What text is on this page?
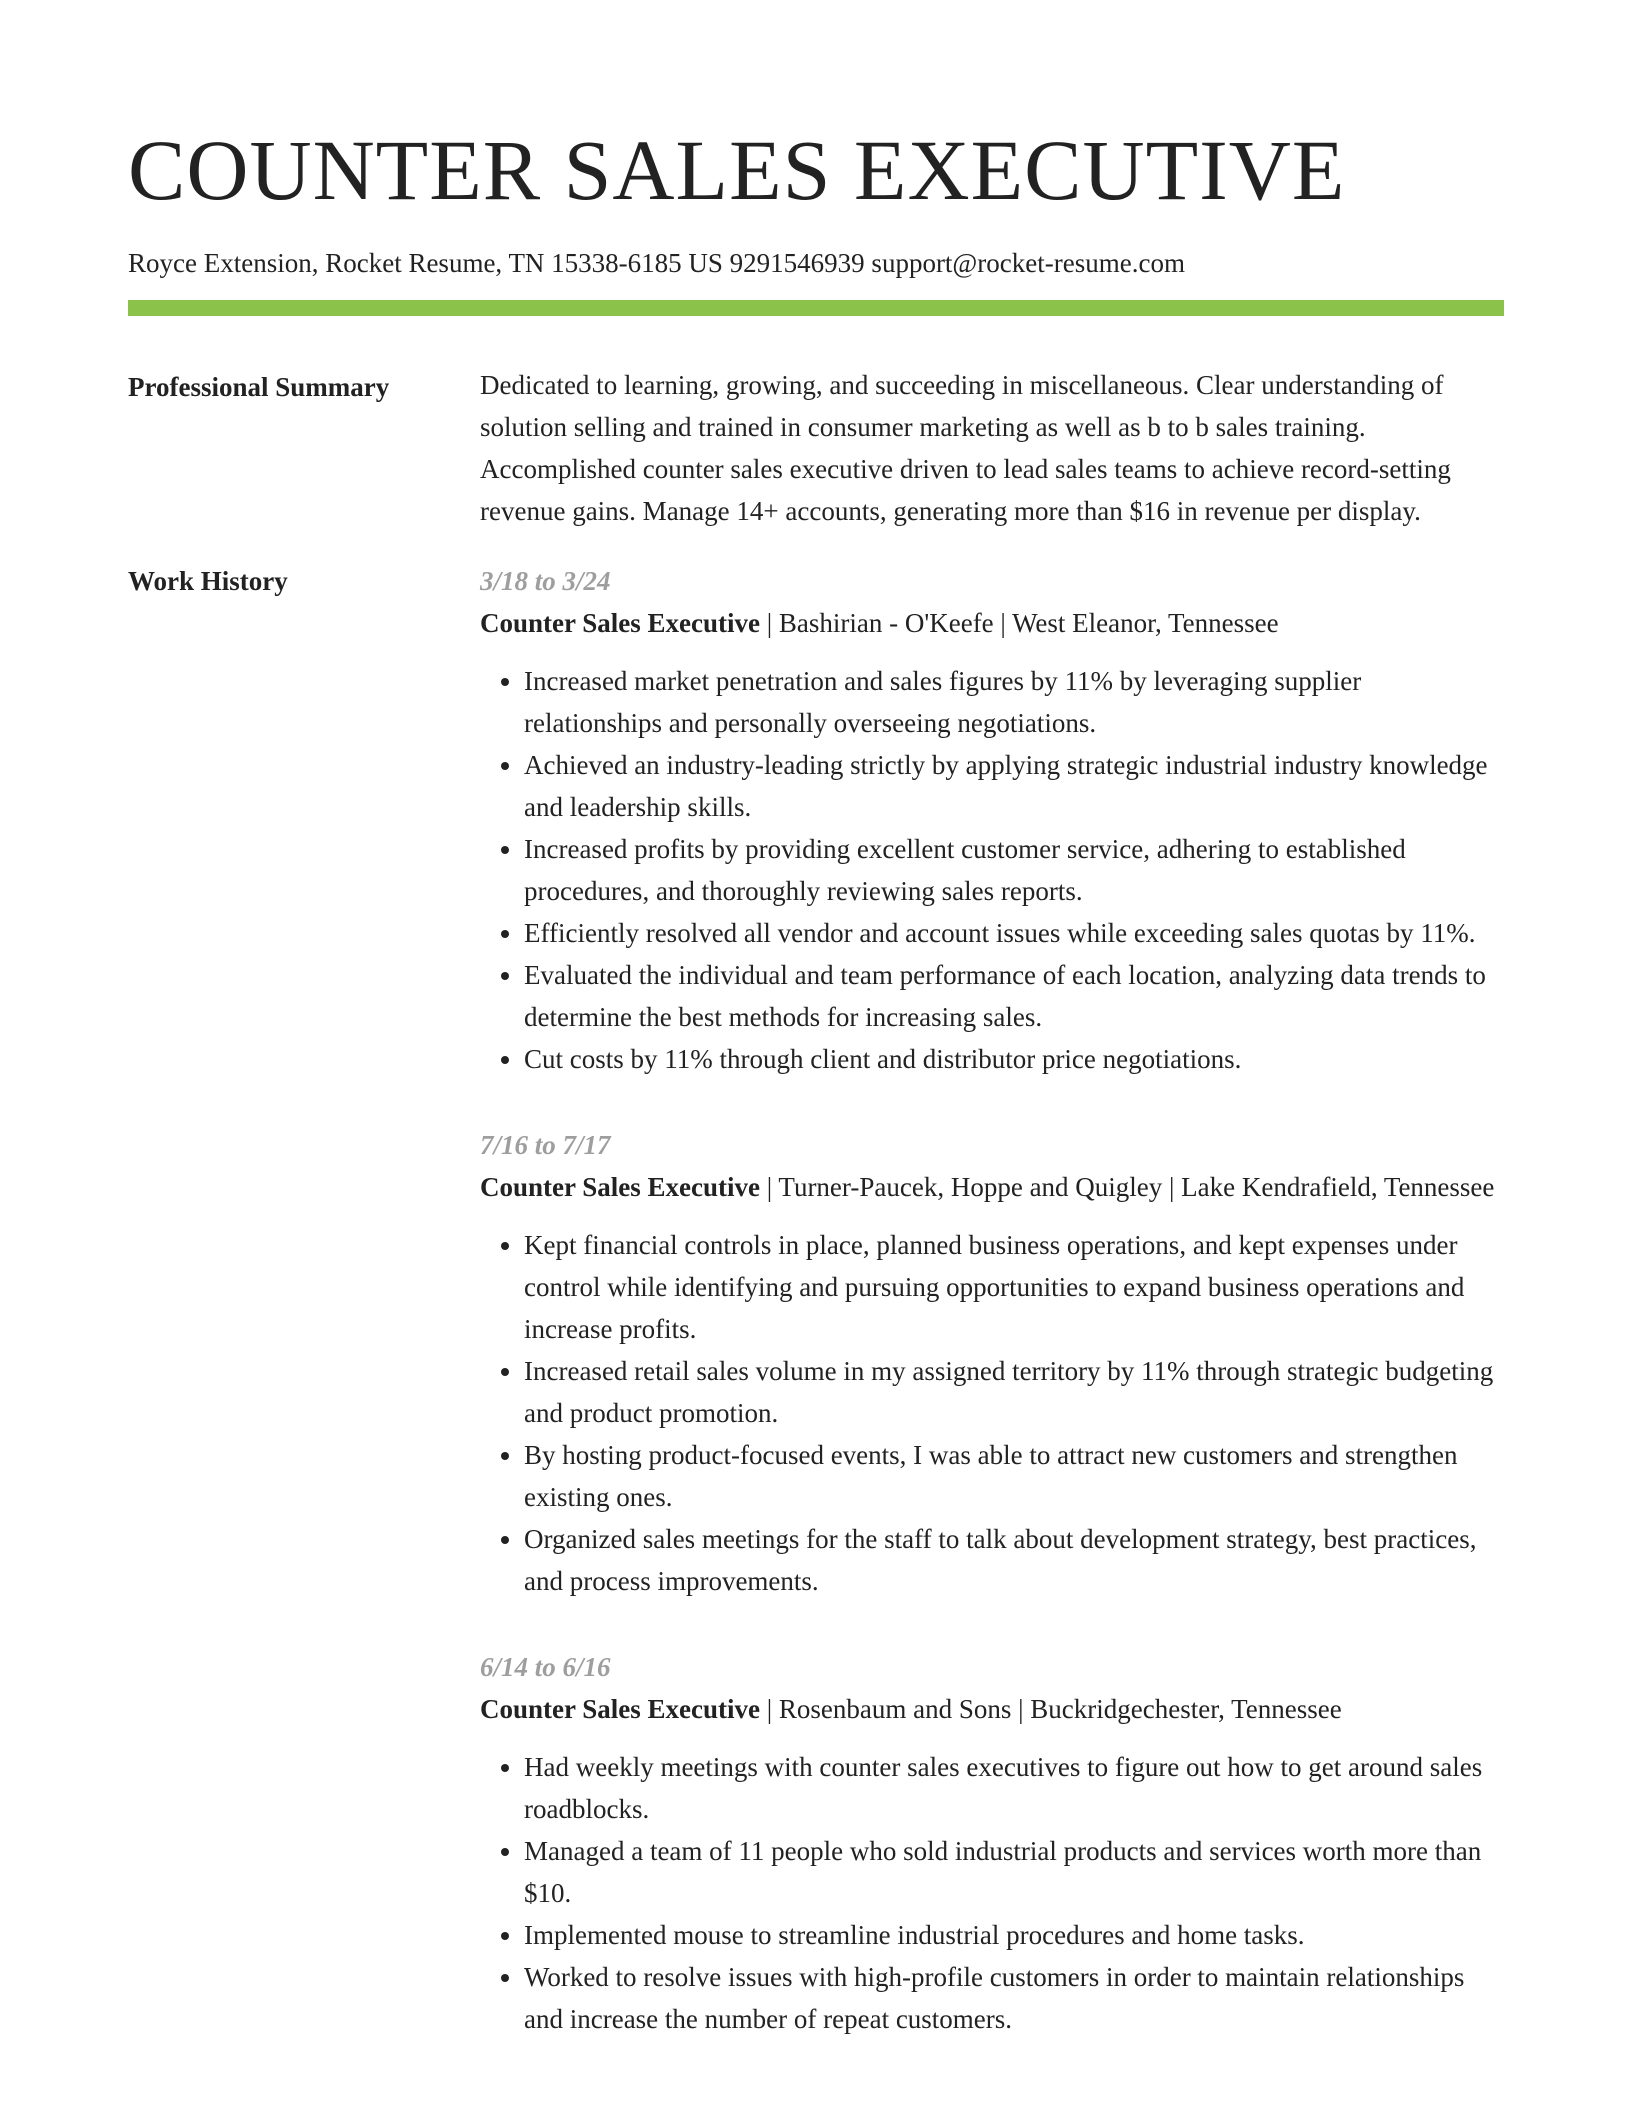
COUNTER SALES EXECUTIVE
Royce Extension, Rocket Resume, TN 15338-6185 US 9291546939 support@rocket-resume.com
Professional Summary	Dedicated to learning, growing, and succeeding in miscellaneous. Clear understanding of solution selling and trained in consumer marketing as well as b to b sales training. Accomplished counter sales executive driven to lead sales teams to achieve record-setting revenue gains. Manage 14+ accounts, generating more than $16 in revenue per display.

Work History	3/18 to 3/24
Counter Sales Executive | Bashirian - O'Keefe | West Eleanor, Tennessee
• Increased market penetration and sales figures by 11% by leveraging supplier relationships and personally overseeing negotiations.
• Achieved an industry-leading strictly by applying strategic industrial industry knowledge and leadership skills.
• Increased profits by providing excellent customer service, adhering to established procedures, and thoroughly reviewing sales reports.
• Efficiently resolved all vendor and account issues while exceeding sales quotas by 11%.
• Evaluated the individual and team performance of each location, analyzing data trends to determine the best methods for increasing sales.
• Cut costs by 11% through client and distributor price negotiations.
7/16 to 7/17
Counter Sales Executive | Turner-Paucek, Hoppe and Quigley | Lake Kendrafield, Tennessee
• Kept financial controls in place, planned business operations, and kept expenses under control while identifying and pursuing opportunities to expand business operations and increase profits.
• Increased retail sales volume in my assigned territory by 11% through strategic budgeting and product promotion.
• By hosting product-focused events, I was able to attract new customers and strengthen existing ones.
• Organized sales meetings for the staff to talk about development strategy, best practices, and process improvements.
6/14 to 6/16
Counter Sales Executive | Rosenbaum and Sons | Buckridgechester, Tennessee
• Had weekly meetings with counter sales executives to figure out how to get around sales roadblocks.
• Managed a team of 11 people who sold industrial products and services worth more than $10.
• Implemented mouse to streamline industrial procedures and home tasks.
• Worked to resolve issues with high-profile customers in order to maintain relationships and increase the number of repeat customers.
